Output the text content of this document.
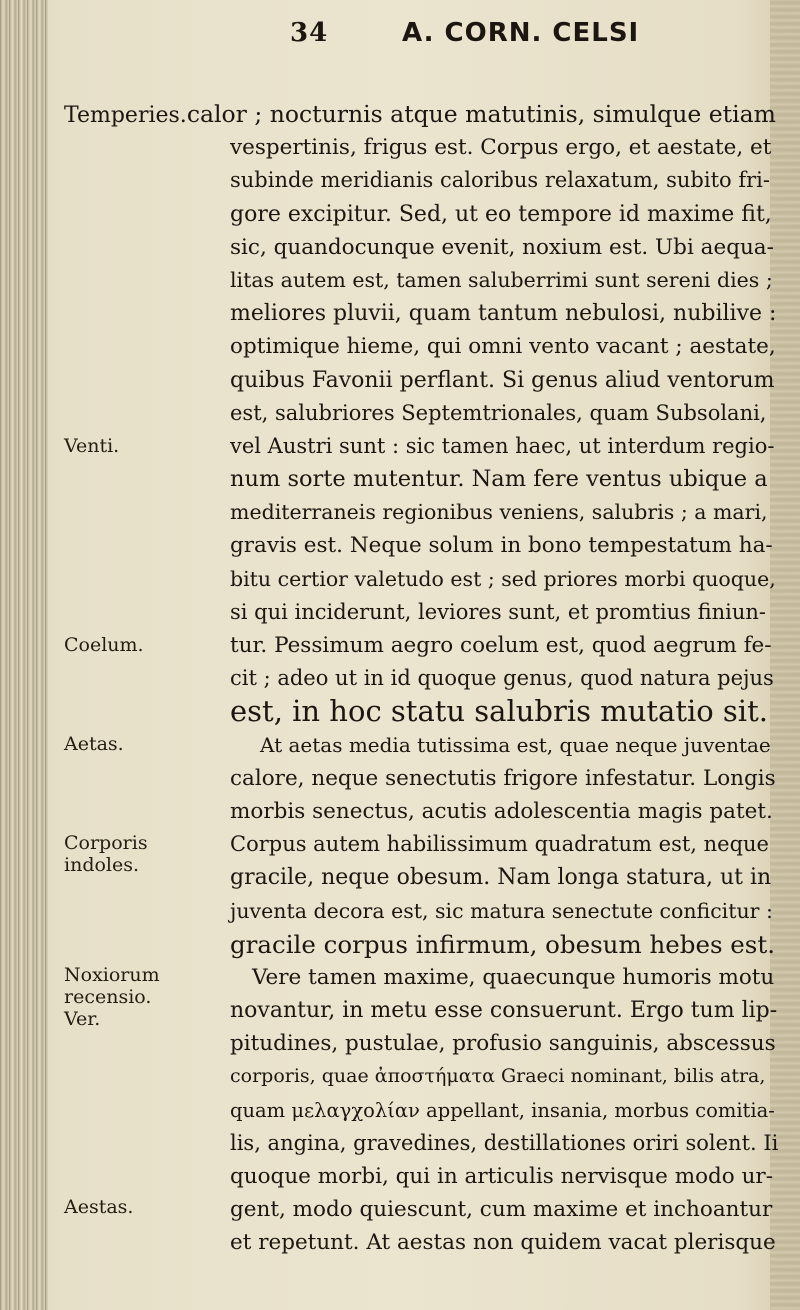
34	A. CORN. CELSI
Temperies.calor ; nocturnis atque matutinis, simulque etiam
Venti.
Coelum.
Aetas.
Corporis indoles.
Noxiorum recensio. Ver.
Aestas.
vespertinis, frigus est. Corpus ergo, et aestate, et
subinde meridianis caloribus relaxatum, subito fri-
gore excipitur. Sed, ut eo tempore id maxime fit,
sic, quandocunque evenit, noxium est. Ubi aequa-
litas autem est, tamen saluberrimi sunt sereni dies ;
meliores pluvii, quam tantum nebulosi, nubilive :
optimique hieme, qui omni vento vacant ; aestate,
quibus Favonii perflant. Si genus aliud ventorum
est, salubriores Septemtrionales, quam Subsolani,
vel Austri sunt : sic tamen haec, ut interdum regio-
num sorte mutentur. Nam fere ventus ubique a
mediterraneis regionibus veniens, salubris ; a mari,
gravis est. Neque solum in bono tempestatum ha-
bitu certior valetudo est ; sed priores morbi quoque,
si qui inciderunt, leviores sunt, et promtius finiun-
tur. Pessimum aegro coelum est, quod aegrum fe-
cit ; adeo ut in id quoque genus, quod natura pejus
est, in hoc statu salubris mutatio sit.
At aetas media tutissima est, quae neque juventae
calore, neque senectutis frigore infestatur. Longis
morbis senectus, acutis adolescentia magis patet.
Corpus autem habilissimum quadratum est, neque
gracile, neque obesum. Nam longa statura, ut in
juventa decora est, sic matura senectute conficitur :
gracile corpus infirmum, obesum hebes est.
Vere tamen maxime, quaecunque humoris motu
novantur, in metu esse consuerunt. Ergo tum lip-
pitudines, pustulae, profusio sanguinis, abscessus
corporis, quae ἀποστήματα Graeci nominant, bilis atra,
quam μελαγχολίαν appellant, insania, morbus comitia-
lis, angina, gravedines, destillationes oriri solent. Ii
quoque morbi, qui in articulis nervisque modo ur-
gent, modo quiescunt, cum maxime et inchoantur
et repetunt. At aestas non quidem vacat plerisque
